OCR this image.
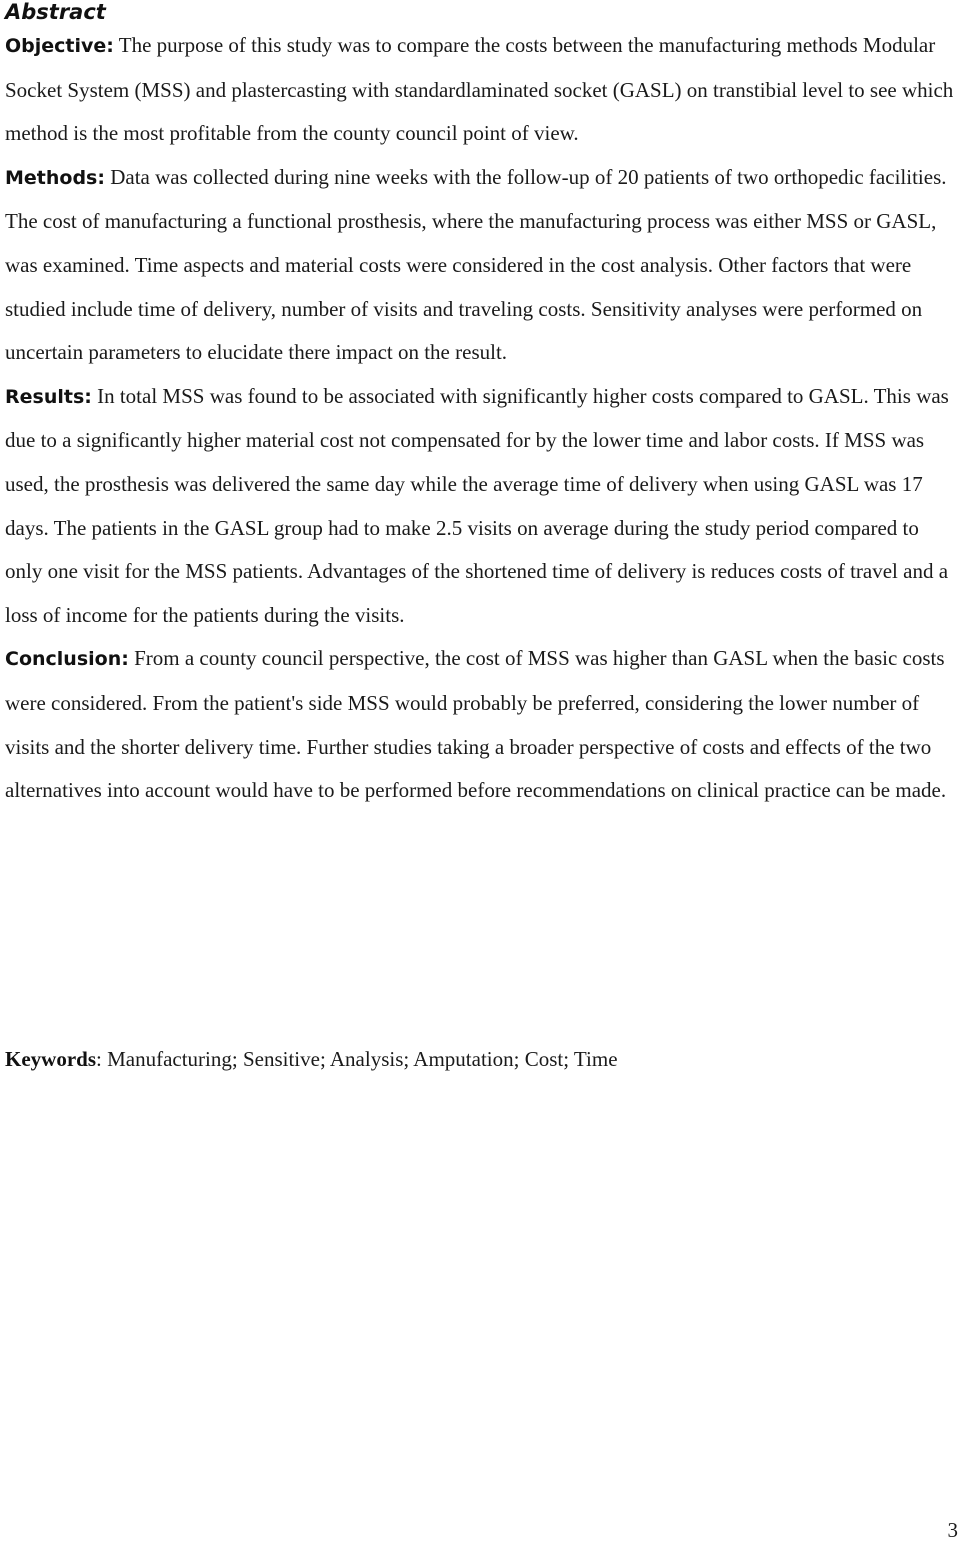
Abstract

Objective: The purpose of this study was to compare the costs between the manufacturing methods Modular Socket System (MSS) and plastercasting with standardlaminated socket (GASL) on transtibial level to see which method is the most profitable from the county council point of view.

Methods: Data was collected during nine weeks with the follow-up of 20 patients of two orthopedic facilities. The cost of manufacturing a functional prosthesis, where the manufacturing process was either MSS or GASL, was examined. Time aspects and material costs were considered in the cost analysis. Other factors that were studied include time of delivery, number of visits and traveling costs. Sensitivity analyses were performed on uncertain parameters to elucidate there impact on the result.

Results: In total MSS was found to be associated with significantly higher costs compared to GASL. This was due to a significantly higher material cost not compensated for by the lower time and labor costs. If MSS was used, the prosthesis was delivered the same day while the average time of delivery when using GASL was 17 days. The patients in the GASL group had to make 2.5 visits on average during the study period compared to only one visit for the MSS patients. Advantages of the shortened time of delivery is reduces costs of travel and a loss of income for the patients during the visits.

Conclusion: From a county council perspective, the cost of MSS was higher than GASL when the basic costs were considered. From the patient's side MSS would probably be preferred, considering the lower number of visits and the shorter delivery time. Further studies taking a broader perspective of costs and effects of the two alternatives into account would have to be performed before recommendations on clinical practice can be made.

Keywords: Manufacturing; Sensitive; Analysis; Amputation; Cost; Time

3
